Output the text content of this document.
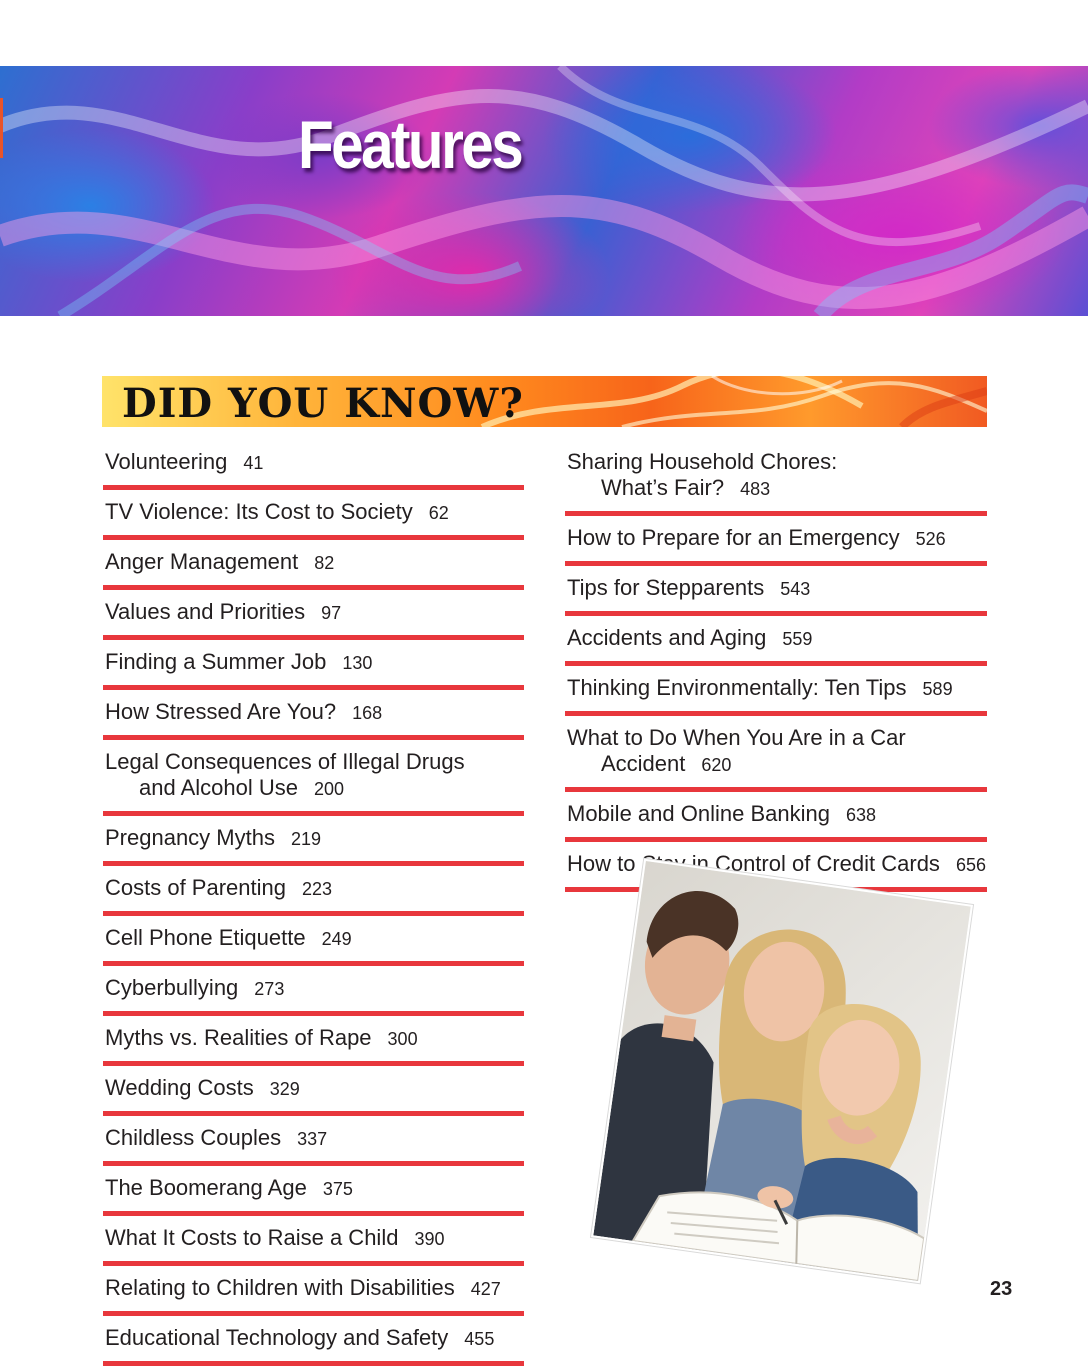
Features
DID YOU KNOW?
Volunteering 41
TV Violence: Its Cost to Society 62
Anger Management 82
Values and Priorities 97
Finding a Summer Job 130
How Stressed Are You? 168
Legal Consequences of Illegal Drugs
and Alcohol Use 200
Pregnancy Myths 219
Costs of Parenting 223
Cell Phone Etiquette 249
Cyberbullying 273
Myths vs. Realities of Rape 300
Wedding Costs 329
Childless Couples 337
The Boomerang Age 375
What It Costs to Raise a Child 390
Relating to Children with Disabilities 427
Educational Technology and Safety 455
Sharing Household Chores:
What’s Fair? 483
How to Prepare for an Emergency 526
Tips for Stepparents 543
Accidents and Aging 559
Thinking Environmentally: Ten Tips 589
What to Do When You Are in a Car
Accident 620
Mobile and Online Banking 638
How to Stay in Control of Credit Cards 656
23
